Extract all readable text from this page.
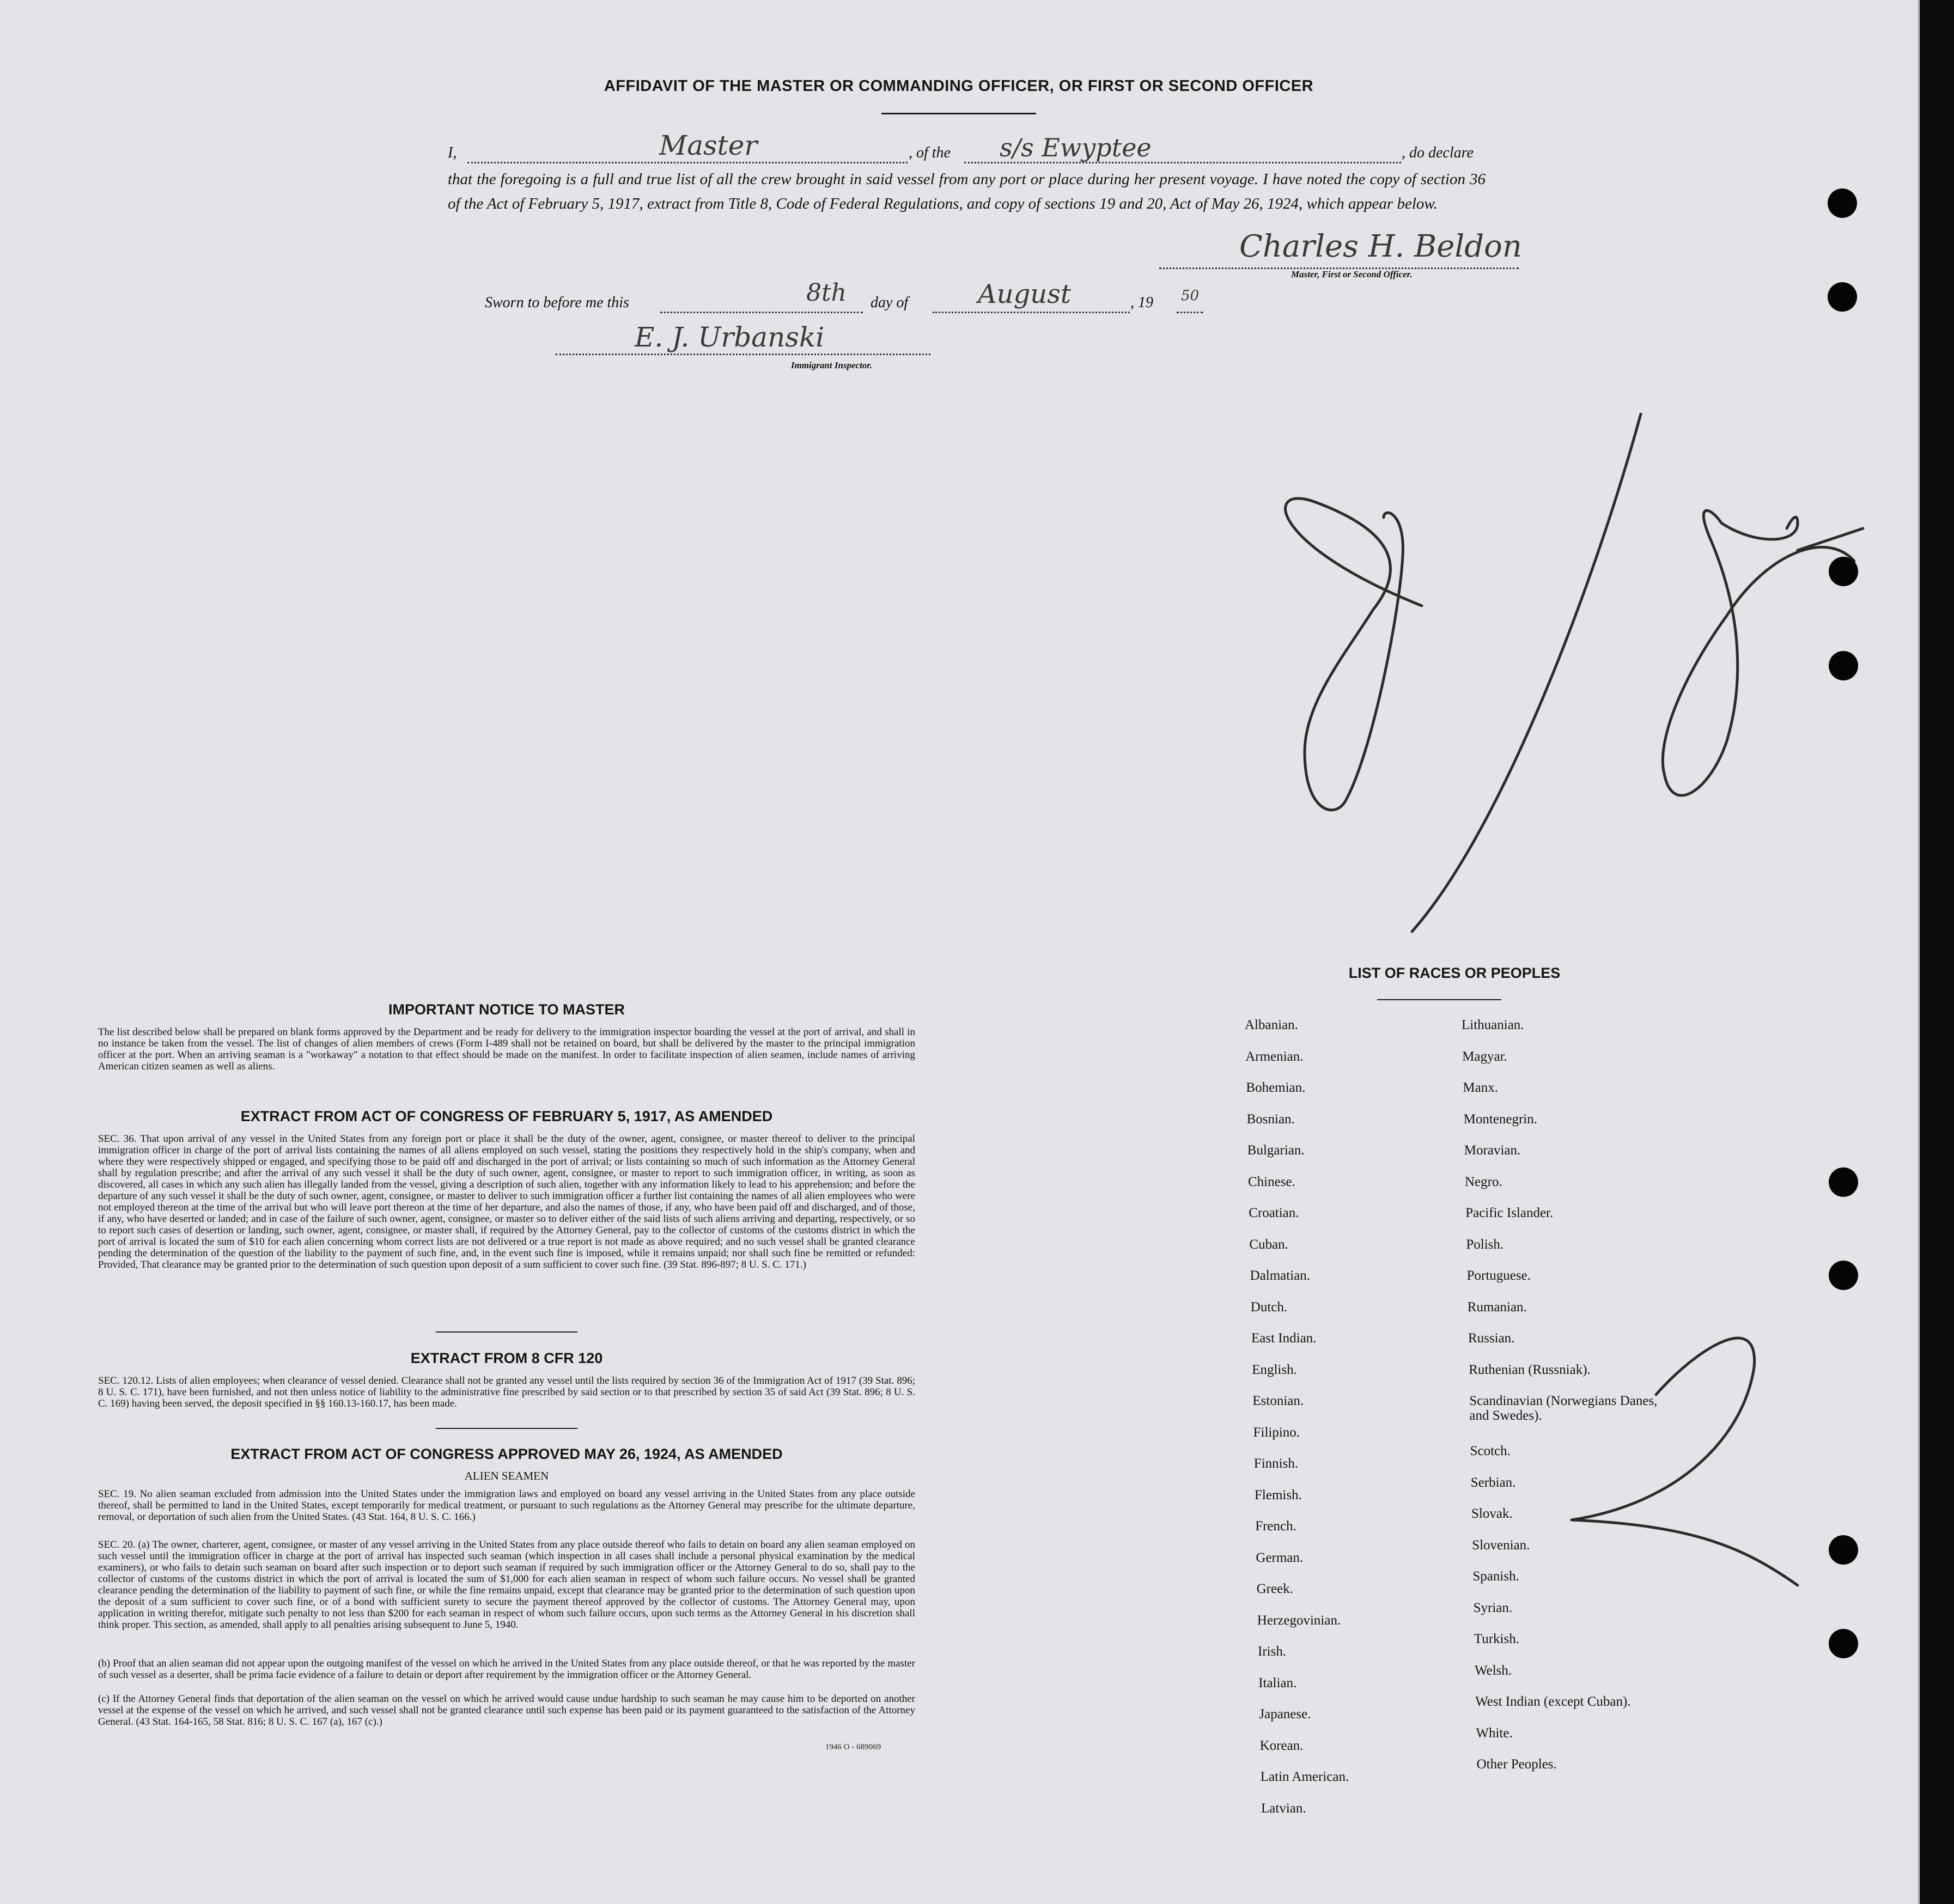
AFFIDAVIT OF THE MASTER OR COMMANDING OFFICER, OR FIRST OR SECOND OFFICER
I,	Master	, of the s/s Ewyptee	, do declare
that the foregoing is a full and true list of all the crew brought in said vessel from any port or place during her present voyage. I have noted the copy of section 36 of the Act of February 5, 1917, extract from Title 8, Code of Federal Regulations, and copy of sections 19 and 20, Act of May 26, 1924, which appear below.
Charles H. Beldon
Master, First or Second Officer.
Sworn to before me this	8th day of	August	, 19 50
E. J. Urbanski
Immigrant Inspector.
IMPORTANT NOTICE TO MASTER
The list described below shall be prepared on blank forms approved by the Department and be ready for delivery to the immigration inspector boarding the vessel at the port of arrival, and shall in no instance be taken from the vessel. The list of changes of alien members of crews (Form I-489 shall not be retained on board, but shall be delivered by the master to the principal immigration officer at the port. When an arriving seaman is a "workaway" a notation to that effect should be made on the manifest. In order to facilitate inspection of alien seamen, include names of arriving American citizen seamen as well as aliens.
EXTRACT FROM ACT OF CONGRESS OF FEBRUARY 5, 1917, AS AMENDED
SEC. 36. That upon arrival of any vessel in the United States from any foreign port or place it shall be the duty of the owner, agent, consignee, or master thereof to deliver to the principal immigration officer in charge of the port of arrival lists containing the names of all aliens employed on such vessel, stating the positions they respectively hold in the ship's company, when and where they were respectively shipped or engaged, and specifying those to be paid off and discharged in the port of arrival; or lists containing so much of such information as the Attorney General shall by regulation prescribe; and after the arrival of any such vessel it shall be the duty of such owner, agent, consignee, or master to report to such immigration officer, in writing, as soon as discovered, all cases in which any such alien has illegally landed from the vessel, giving a description of such alien, together with any information likely to lead to his apprehension; and before the departure of any such vessel it shall be the duty of such owner, agent, consignee, or master to deliver to such immigration officer a further list containing the names of all alien employees who were not employed thereon at the time of the arrival but who will leave port thereon at the time of her departure, and also the names of those, if any, who have been paid off and discharged, and of those, if any, who have deserted or landed; and in case of the failure of such owner, agent, consignee, or master so to deliver either of the said lists of such aliens arriving and departing, respectively, or so to report such cases of desertion or landing, such owner, agent, consignee, or master shall, if required by the Attorney General, pay to the collector of customs of the customs district in which the port of arrival is located the sum of $10 for each alien concerning whom correct lists are not delivered or a true report is not made as above required; and no such vessel shall be granted clearance pending the determination of the question of the liability to the payment of such fine, and, in the event such fine is imposed, while it remains unpaid; nor shall such fine be remitted or refunded: Provided, That clearance may be granted prior to the determination of such question upon deposit of a sum sufficient to cover such fine. (39 Stat. 896-897; 8 U. S. C. 171.)
EXTRACT FROM 8 CFR 120
SEC. 120.12. Lists of alien employees; when clearance of vessel denied. Clearance shall not be granted any vessel until the lists required by section 36 of the Immigration Act of 1917 (39 Stat. 896; 8 U. S. C. 171), have been furnished, and not then unless notice of liability to the administrative fine prescribed by said section or to that prescribed by section 35 of said Act (39 Stat. 896; 8 U. S. C. 169) having been served, the deposit specified in §§ 160.13-160.17, has been made.
EXTRACT FROM ACT OF CONGRESS APPROVED MAY 26, 1924, AS AMENDED
ALIEN SEAMEN
SEC. 19. No alien seaman excluded from admission into the United States under the immigration laws and employed on board any vessel arriving in the United States from any place outside thereof, shall be permitted to land in the United States, except temporarily for medical treatment, or pursuant to such regulations as the Attorney General may prescribe for the ultimate departure, removal, or deportation of such alien from the United States. (43 Stat. 164, 8 U. S. C. 166.)
SEC. 20. (a) The owner, charterer, agent, consignee, or master of any vessel arriving in the United States from any place outside thereof who fails to detain on board any alien seaman employed on such vessel until the immigration officer in charge at the port of arrival has inspected such seaman (which inspection in all cases shall include a personal physical examination by the medical examiners), or who fails to detain such seaman on board after such inspection or to deport such seaman if required by such immigration officer or the Attorney General to do so, shall pay to the collector of customs of the customs district in which the port of arrival is located the sum of $1,000 for each alien seaman in respect of whom such failure occurs. No vessel shall be granted clearance pending the determination of the liability to payment of such fine, or while the fine remains unpaid, except that clearance may be granted prior to the determination of such question upon the deposit of a sum sufficient to cover such fine, or of a bond with sufficient surety to secure the payment thereof approved by the collector of customs. The Attorney General may, upon application in writing therefor, mitigate such penalty to not less than $200 for each seaman in respect of whom such failure occurs, upon such terms as the Attorney General in his discretion shall think proper. This section, as amended, shall apply to all penalties arising subsequent to June 5, 1940.
(b) Proof that an alien seaman did not appear upon the outgoing manifest of the vessel on which he arrived in the United States from any place outside thereof, or that he was reported by the master of such vessel as a deserter, shall be prima facie evidence of a failure to detain or deport after requirement by the immigration officer or the Attorney General.
(c) If the Attorney General finds that deportation of the alien seaman on the vessel on which he arrived would cause undue hardship to such seaman he may cause him to be deported on another vessel at the expense of the vessel on which he arrived, and such vessel shall not be granted clearance until such expense has been paid or its payment guaranteed to the satisfaction of the Attorney General. (43 Stat. 164-165, 58 Stat. 816; 8 U. S. C. 167 (a), 167 (c).)
1946 O - 689069
LIST OF RACES OR PEOPLES
Albanian.
Armenian.
Bohemian.
Bosnian.
Bulgarian.
Chinese.
Croatian.
Cuban.
Dalmatian.
Dutch.
East Indian.
English.
Estonian.
Filipino.
Finnish.
Flemish.
French.
German.
Greek.
Herzegovinian.
Irish.
Italian.
Japanese.
Korean.
Latin American.
Latvian.
Lithuanian.
Magyar.
Manx.
Montenegrin.
Moravian.
Negro.
Pacific Islander.
Polish.
Portuguese.
Rumanian.
Russian.
Ruthenian (Russniak).
Scandinavian (Norwegians Danes, and Swedes).
Scotch.
Serbian.
Slovak.
Slovenian.
Spanish.
Syrian.
Turkish.
Welsh.
West Indian (except Cuban).
White.
Other Peoples.
